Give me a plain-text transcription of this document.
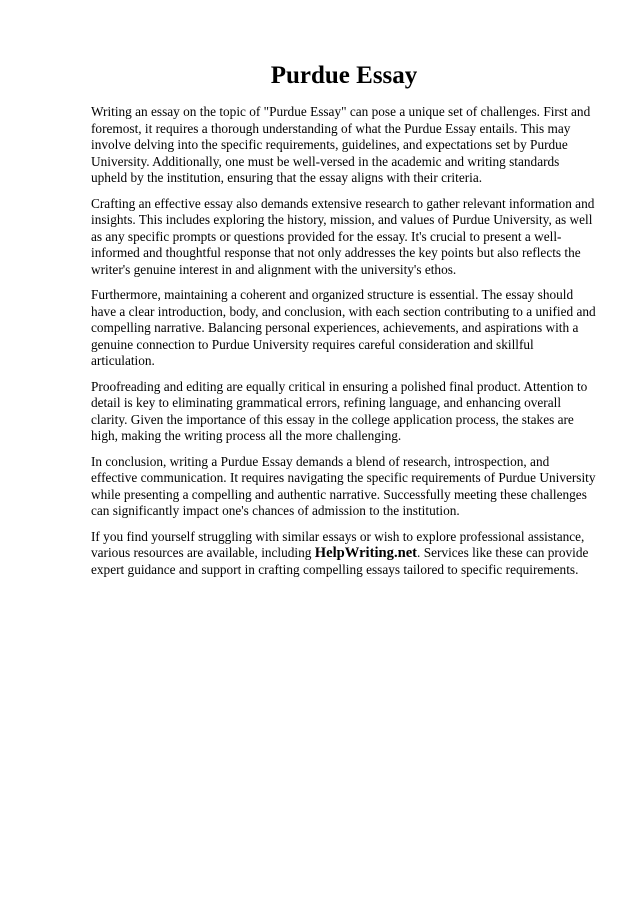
Purdue Essay

Writing an essay on the topic of "Purdue Essay" can pose a unique set of challenges. First and foremost, it requires a thorough understanding of what the Purdue Essay entails. This may involve delving into the specific requirements, guidelines, and expectations set by Purdue University. Additionally, one must be well-versed in the academic and writing standards upheld by the institution, ensuring that the essay aligns with their criteria.

Crafting an effective essay also demands extensive research to gather relevant information and insights. This includes exploring the history, mission, and values of Purdue University, as well as any specific prompts or questions provided for the essay. It's crucial to present a well-informed and thoughtful response that not only addresses the key points but also reflects the writer's genuine interest in and alignment with the university's ethos.

Furthermore, maintaining a coherent and organized structure is essential. The essay should have a clear introduction, body, and conclusion, with each section contributing to a unified and compelling narrative. Balancing personal experiences, achievements, and aspirations with a genuine connection to Purdue University requires careful consideration and skillful articulation.

Proofreading and editing are equally critical in ensuring a polished final product. Attention to detail is key to eliminating grammatical errors, refining language, and enhancing overall clarity. Given the importance of this essay in the college application process, the stakes are high, making the writing process all the more challenging.

In conclusion, writing a Purdue Essay demands a blend of research, introspection, and effective communication. It requires navigating the specific requirements of Purdue University while presenting a compelling and authentic narrative. Successfully meeting these challenges can significantly impact one's chances of admission to the institution.

If you find yourself struggling with similar essays or wish to explore professional assistance, various resources are available, including HelpWriting.net. Services like these can provide expert guidance and support in crafting compelling essays tailored to specific requirements.
